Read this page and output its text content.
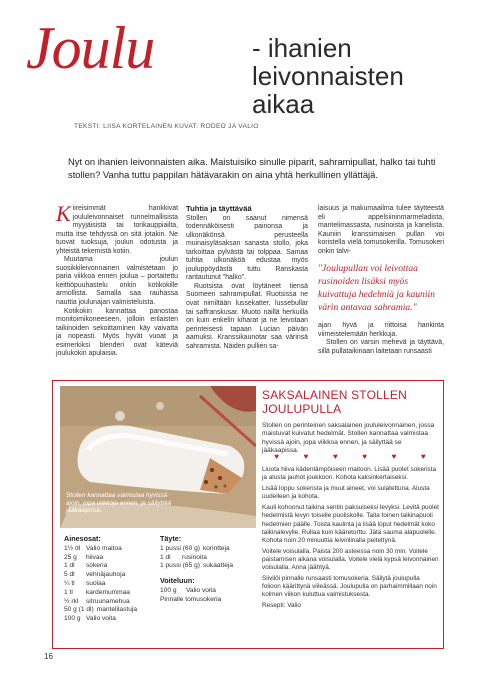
Joulu	- ihanien
leivonnaisten
aikaa
TEKSTI: LIISA KORTELAINEN KUVAT: RODEO JA VALIO
Nyt on ihanien leivonnaisten aika. Maistuisiko sinulle piparit, sahramipullat, halko tai tuhti stollen? Vanha tuttu pappilan hätävarakin on aina yhtä herkullinen yllättäjä.

Kiireisimmät hankkivat joululeivonnaiset runnelmallisista myyjäisistä tai torikauppiailta, mutta itse tehdyssä on sitä jotakin. Ne tuovat tuoksuja, joulun odotusta ja yhteistä tekemistä kotiin.

Muutama joulun suosikkileivonnainen valmistetaan jo paria viikkoa ennen joulua – portaitettu keittiöpuuhastelu onkin kotikokille armollista. Samalla saa rauhassa nauttia joulunajan valmisteluista.

Kotikokin kannattaa panostaa monitoimikoneeseen, jolloin erilaisten taikinoiden sekoittaminen käy vaivatta ja nopeasti. Myös hyvät vuoat ja esimerkiksi blenderi ovat käteviä joulukokin apulaisia.

Tuhtia ja täyttävää

Stollen on saanut nimensä todennäköisesti painonsa ja ulkonäkönsä perusteella muinaisyläsaksan sanasta stollo, joka tarkoittaa pylvästä tai tolppaa. Samaa tuhtia ulkonäköä edustaa myös jouluppöydästä tuttu Ranskasta rantautunut "halko".

Ruotsista ovat löytäneet tiensä Suomeen sahramipullat. Ruotsissa ne ovat nimiltään lussekatter, lussebullar tai saffranskusar. Muoto näillä herkuilla on kuin enkelin kiharat ja ne leivotaan perinteisesti tapaan Lucian päivän aamuksi. Kranssikaunotar saa värinsä sahramista. Näiden pullien sa-

laisuus ja makumaailma tulee täytteestä eli appelsiininmarmeladista, mantelimassasta, rusinoista ja kanelista. Kauniin kranssimaisen pullan voi koristella vielä tomusokerilla. Tomusokeri onkin talvi-

"Joulupullan voi leivottaa rusinoiden lisäksi myös kuivattuja hedelmiä ja kauniin värin antavaa sahramia."

ajan hyvä ja riittoisa hankinta viimeistelemään herkkuja.

Stollen on varsin mehevä ja täyttävä, sillä pullataikinaan laitetaan runsaasti

Stollen kannattaa valmistaa hyvissä ajoin, jopa viikkoja ennen, ja säilyttää jääkaapissa.
SAKSALAINEN STOLLEN
JOULUPULLA
Stollen on perinteinen saksalainen joululeivonnainen, jossa maistuvat kuivatut hedelmät. Stollen kannattaa valmistaa hyvissä ajoin, jopa viikkoa ennen, ja säilyttää se jääkaapissa.
♥	♥	♥	♥	♥	♥

Liuota hiiva kädenlämpöiseen maitoon. Lisää puolet sokerista ja alusta jauhot joukkoon. Kohota kaksinkertaiseksi.

Lisää loppu sokerista ja muut aineet, voi sulatettuna. Alusta uudelleen ja kohota.

Kauli kohonnut taikina sentin paksuiseksi levyksi. Levitä puolet hedelmistä levyn toiselle puoliskolle. Taita toinen taikinapuoli hedelmien päälle. Toista kaulinta ja lisää loput hedelmät koko taikinalevylle. Rullaa kuin kääretorttu. Jätä sauma alapuolelle. Kohota noin 20 minuuttia leivinlinalla peitettynä.

Voitele voisulalla. Paista 200 asteessa noin 30 min. Voitele paistamisen aikana voisulalla. Voitele vielä kypsä leivonnainen voisulalla. Anna jäähtyä.

Siivilöi pinnalle runsaasti tomusokeria. Säilytä joulupulla folioon käärittynä viileässä. Joulupulla on parhaimmillaan noin kolmen viikon kuluttua valmistuksesta.

Resepti: Valio

Ainesosat:
1½ dl Valio maitoa
25 g	hiivaa
1 dl	sokeria
5 dl	vehnäjauhoja
¼ tl	suolaa
1 tl	kardemummaa
½ rkl	sitruunamehua
50 g (1 dl) mantelilastuja
100 g Valio voita
Täyte:
1 pussi (60 g) korintteja
1 dl	rusinoita
1 pussi (65 g) sukaatteja
Voiteluun:
100 g	Valio voita
Pinnalle tomusokeria
16
